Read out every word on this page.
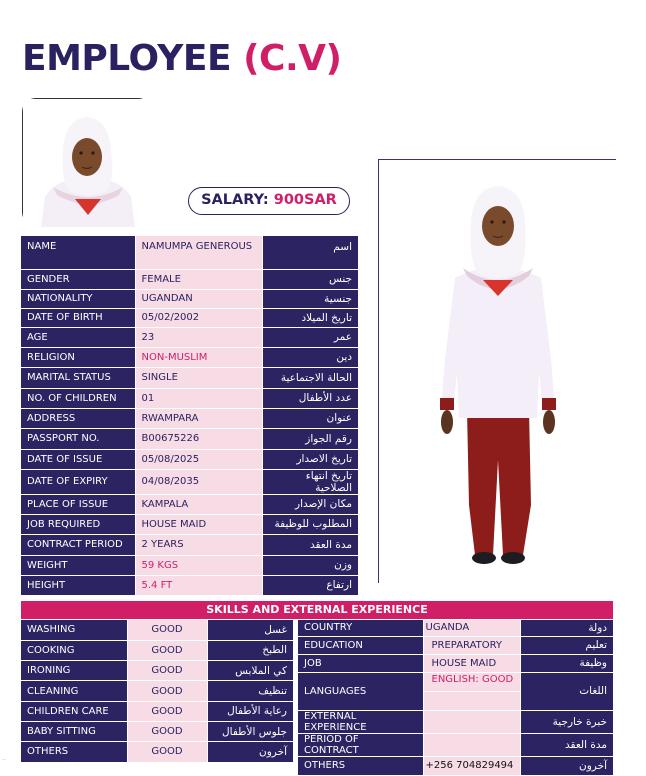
EMPLOYEE (C.V)
SALARY: 900SAR
NAME	NAMUMPA GENEROUS	اسم
GENDER	FEMALE	جنس
NATIONALITY	UGANDAN	جنسية
DATE OF BIRTH	05/02/2002	تاريخ الميلاد
AGE	23	عمر
RELIGION	NON-MUSLIM	دين
MARITAL STATUS	SINGLE	الحالة الاجتماعية
NO. OF CHILDREN	01	عدد الأطفال
ADDRESS	RWAMPARA	عنوان
PASSPORT NO.	B00675226	رقم الجواز
DATE OF ISSUE	05/08/2025	تاريخ الاصدار
DATE OF EXPIRY	04/08/2035	تاريخ انتهاء الصلاحية
PLACE OF ISSUE	KAMPALA	مكان الإصدار
JOB REQUIRED	HOUSE MAID	المطلوب للوظيفة
CONTRACT PERIOD	2 YEARS	مدة العقد
WEIGHT	59 KGS	وزن
HEIGHT	5.4 FT	ارتفاع
SKILLS AND EXTERNAL EXPERIENCE
WASHING	GOOD	غسل
COOKING	GOOD	الطبخ
IRONING	GOOD	كي الملابس
CLEANING	GOOD	تنظيف
CHILDREN CARE	GOOD	رعاية الأطفال
BABY SITTING	GOOD	جلوس الأطفال
OTHERS	GOOD	آخرون
COUNTRY	UGANDA	دولة
EDUCATION	PREPARATORY	تعليم
JOB	HOUSE MAID	وظيفة
LANGUAGES	ENGLISH: GOOD	اللغات
EXTERNAL EXPERIENCE		خبرة خارجية
PERIOD OF CONTRACT		مدة العقد
OTHERS	+256 704829494	آخرون
··
